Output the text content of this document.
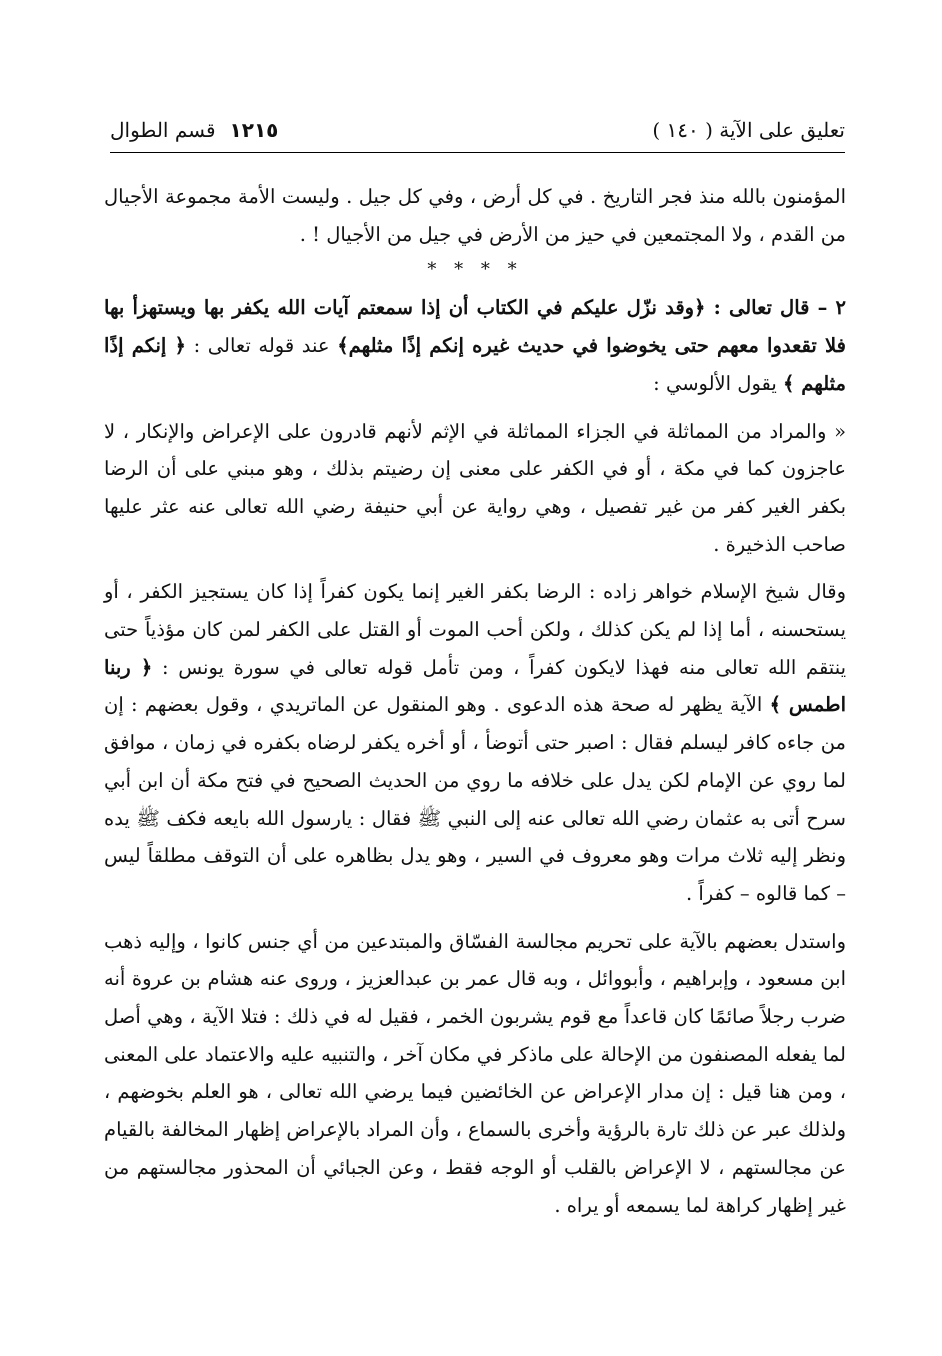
١٢١٥قسم الطوال	تعليق على الآية ( ١٤٠ )

المؤمنون بالله منذ فجر التاريخ . في كل أرض ، وفي كل جيل . وليست الأمة مجموعة الأجيال من القدم ، ولا المجتمعين في حيز من الأرض في جيل من الأجيال ! .

* * * *

٢ – قال تعالى : ﴿وقد نزّل عليكم في الكتاب أن إذا سمعتم آيات الله يكفر بها ويستهزأ بها فلا تقعدوا معهم حتى يخوضوا في حديث غيره إنكم إذًا مثلهم﴾ عند قوله تعالى : ﴿ إنكم إذًا مثلهم ﴾ يقول الألوسي :

« والمراد من المماثلة في الجزاء المماثلة في الإثم لأنهم قادرون على الإعراض والإنكار ، لا عاجزون كما في مكة ، أو في الكفر على معنى إن رضيتم بذلك ، وهو مبني على أن الرضا بكفر الغير كفر من غير تفصيل ، وهي رواية عن أبي حنيفة رضي الله تعالى عنه عثر عليها صاحب الذخيرة .

وقال شيخ الإسلام خواهر زاده : الرضا بكفر الغير إنما يكون كفراً إذا كان يستجيز الكفر ، أو يستحسنه ، أما إذا لم يكن كذلك ، ولكن أحب الموت أو القتل على الكفر لمن كان مؤذياً حتى ينتقم الله تعالى منه فهذا لايكون كفراً ، ومن تأمل قوله تعالى في سورة يونس : ﴿ ربنا اطمس ﴾ الآية يظهر له صحة هذه الدعوى . وهو المنقول عن الماتريدي ، وقول بعضهم : إن من جاءه كافر ليسلم فقال : اصبر حتى أتوضأ ، أو أخره يكفر لرضاه بكفره في زمان ، موافق لما روي عن الإمام لكن يدل على خلافه ما روي من الحديث الصحيح في فتح مكة أن ابن أبي سرح أتى به عثمان رضي الله تعالى عنه إلى النبي ﷺ فقال : يارسول الله بايعه فكف ﷺ يده ونظر إليه ثلاث مرات وهو معروف في السير ، وهو يدل بظاهره على أن التوقف مطلقاً ليس – كما قالوه – كفراً .

واستدل بعضهم بالآية على تحريم مجالسة الفسّاق والمبتدعين من أي جنس كانوا ، وإليه ذهب ابن مسعود ، وإبراهيم ، وأبووائل ، وبه قال عمر بن عبدالعزيز ، وروى عنه هشام بن عروة أنه ضرب رجلاً صائمًا كان قاعداً مع قوم يشربون الخمر ، فقيل له في ذلك : فتلا الآية ، وهي أصل لما يفعله المصنفون من الإحالة على ماذكر في مكان آخر ، والتنبيه عليه والاعتماد على المعنى ، ومن هنا قيل : إن مدار الإعراض عن الخائضين فيما يرضي الله تعالى ، هو العلم بخوضهم ، ولذلك عبر عن ذلك تارة بالرؤية وأخرى بالسماع ، وأن المراد بالإعراض إظهار المخالفة بالقيام عن مجالستهم ، لا الإعراض بالقلب أو الوجه فقط ، وعن الجبائي أن المحذور مجالستهم من غير إظهار كراهة لما يسمعه أو يراه .
